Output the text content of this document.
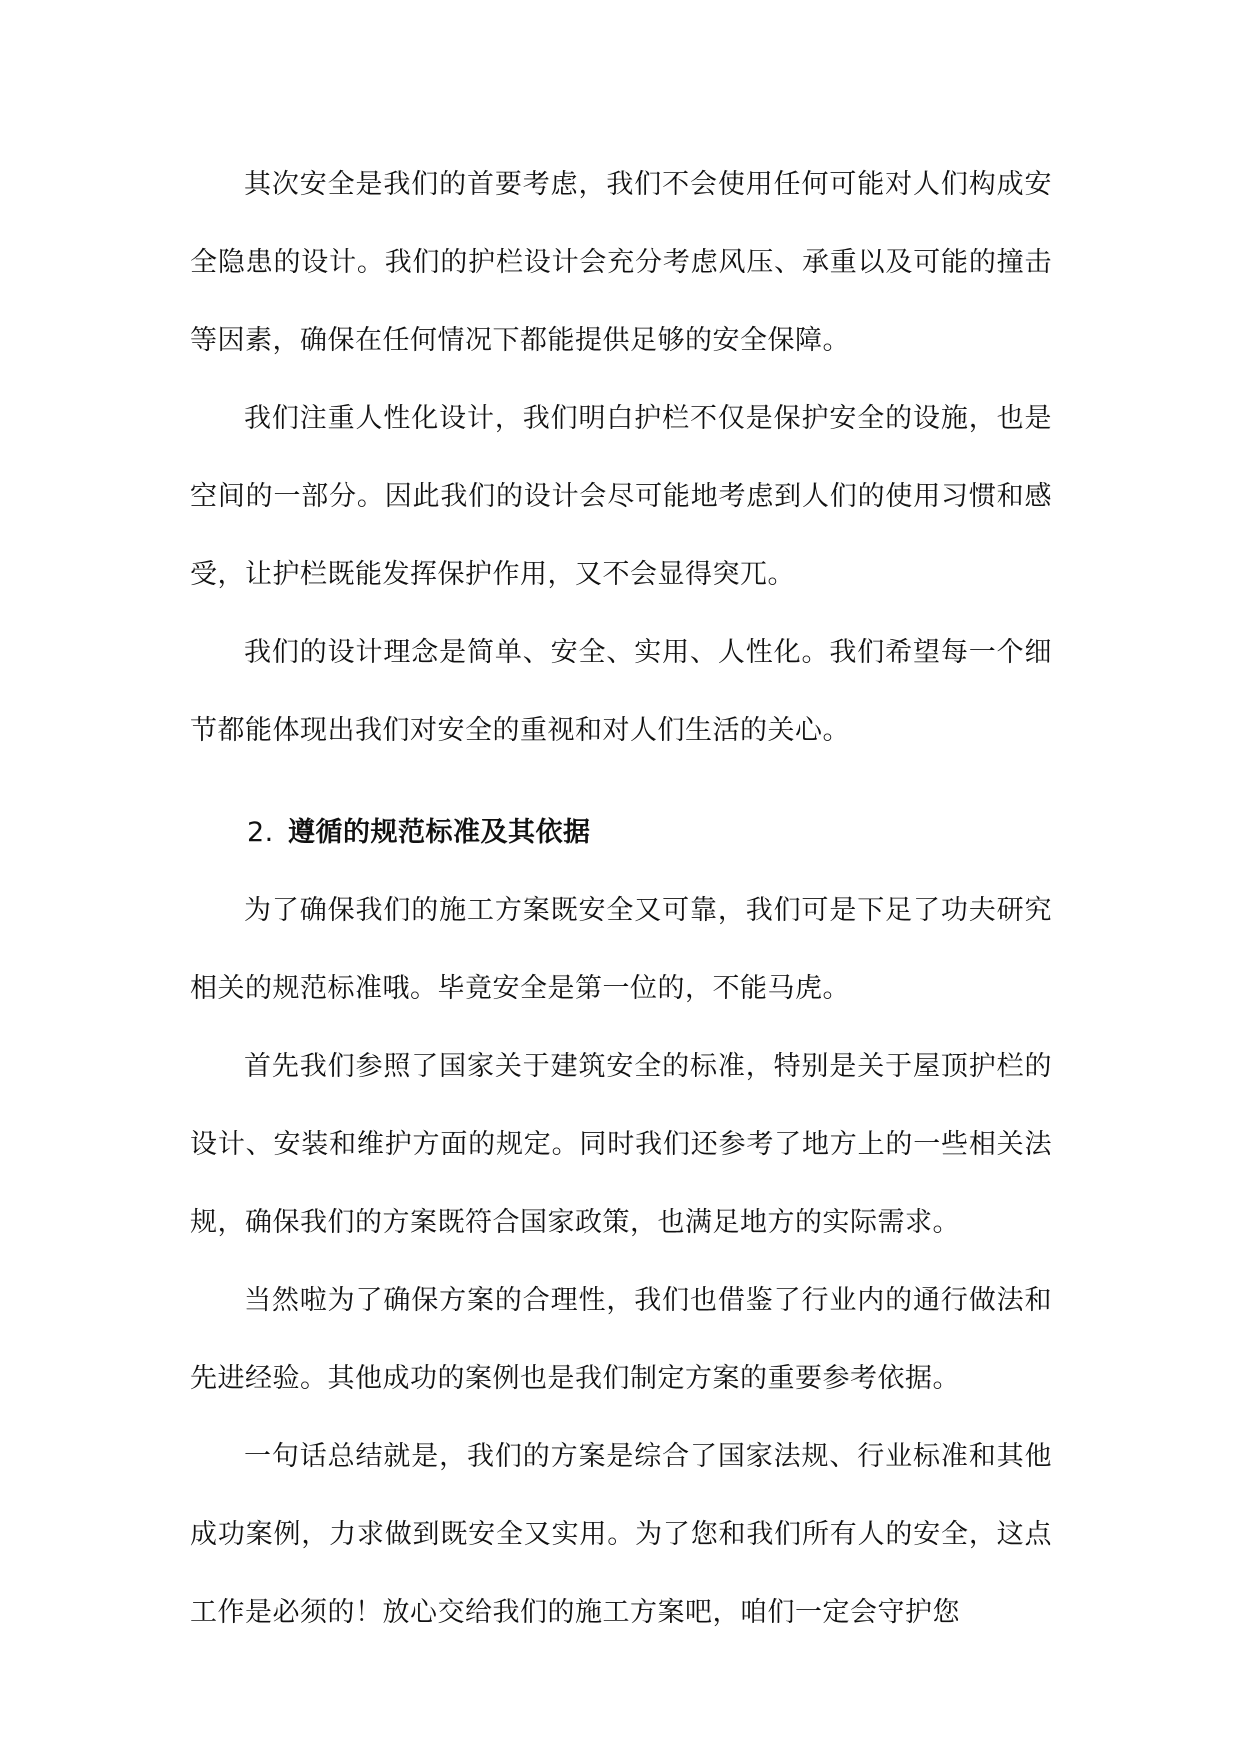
其次安全是我们的首要考虑，我们不会使用任何可能对人们构成安全隐患的设计。我们的护栏设计会充分考虑风压、承重以及可能的撞击等因素，确保在任何情况下都能提供足够的安全保障。

我们注重人性化设计，我们明白护栏不仅是保护安全的设施，也是空间的一部分。因此我们的设计会尽可能地考虑到人们的使用习惯和感受，让护栏既能发挥保护作用，又不会显得突兀。

我们的设计理念是简单、安全、实用、人性化。我们希望每一个细节都能体现出我们对安全的重视和对人们生活的关心。

2. 遵循的规范标准及其依据

为了确保我们的施工方案既安全又可靠，我们可是下足了功夫研究相关的规范标准哦。毕竟安全是第一位的，不能马虎。

首先我们参照了国家关于建筑安全的标准，特别是关于屋顶护栏的设计、安装和维护方面的规定。同时我们还参考了地方上的一些相关法规，确保我们的方案既符合国家政策，也满足地方的实际需求。

当然啦为了确保方案的合理性，我们也借鉴了行业内的通行做法和先进经验。其他成功的案例也是我们制定方案的重要参考依据。

一句话总结就是，我们的方案是综合了国家法规、行业标准和其他成功案例，力求做到既安全又实用。为了您和我们所有人的安全，这点工作是必须的！放心交给我们的施工方案吧，咱们一定会守护您
